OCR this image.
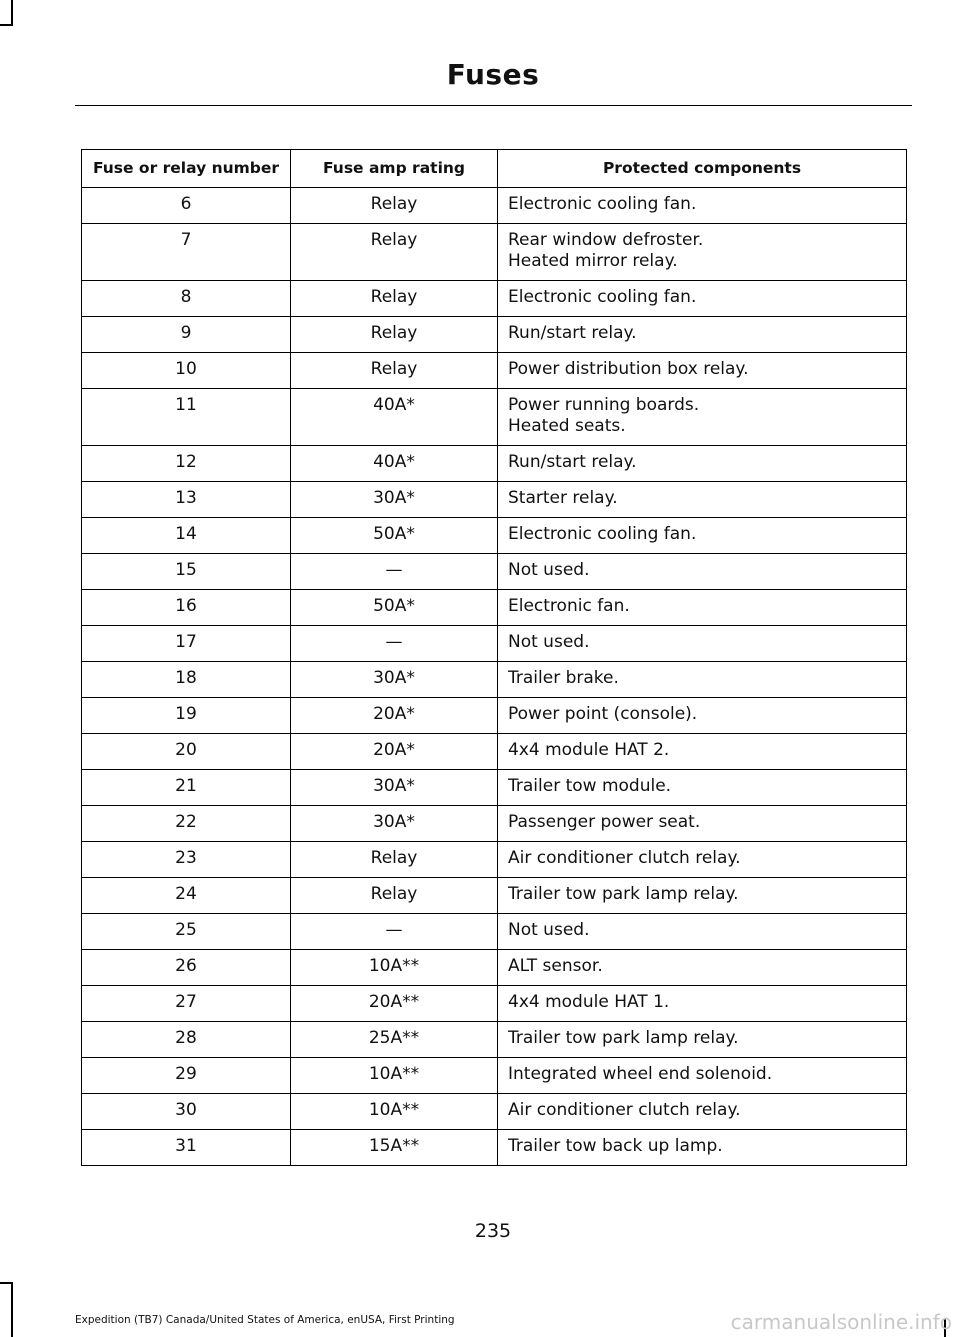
Fuses
Fuse or relay number	Fuse amp rating	Protected components
6	Relay	Electronic cooling fan.

7	Relay	Rear window defroster.
Heated mirror relay.

8	Relay	Electronic cooling fan.

9	Relay	Run/start relay.

10	Relay	Power distribution box relay.

11	40A*	Power running boards.
Heated seats.

12	40A*	Run/start relay.

13	30A*	Starter relay.

14	50A*	Electronic cooling fan.

15	—	Not used.

16	50A*	Electronic fan.

17	—	Not used.

18	30A*	Trailer brake.

19	20A*	Power point (console).

20	20A*	4x4 module HAT 2.

21	30A*	Trailer tow module.

22	30A*	Passenger power seat.

23	Relay	Air conditioner clutch relay.

24	Relay	Trailer tow park lamp relay.

25	—	Not used.

26	10A**	ALT sensor.

27	20A**	4x4 module HAT 1.

28	25A**	Trailer tow park lamp relay.

29	10A**	Integrated wheel end solenoid.

30	10A**	Air conditioner clutch relay.

31	15A**	Trailer tow back up lamp.
235
Expedition (TB7) Canada/United States of America, enUSA, First Printing	carmanualsonline.info
